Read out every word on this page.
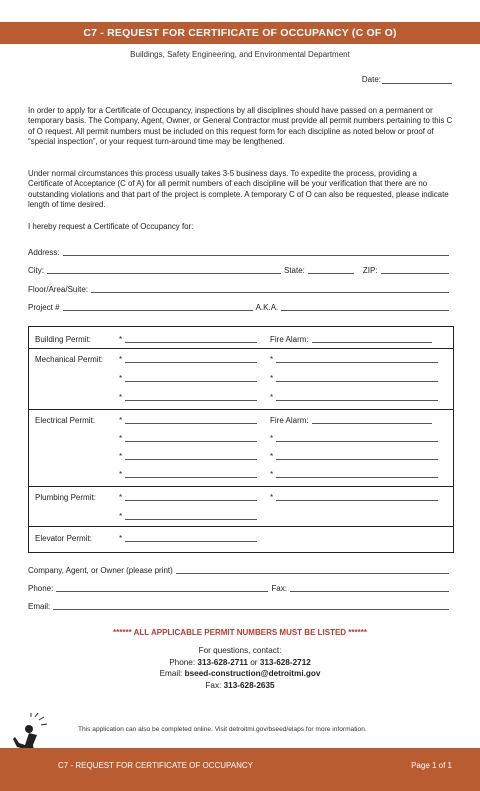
C7 - REQUEST FOR CERTIFICATE OF OCCUPANCY (C OF O)
Buildings, Safety Engineering, and Environmental Department
Date:
In order to apply for a Certificate of Occupancy, inspections by all disciplines should have passed on a permanent or temporary basis. The Company, Agent, Owner, or General Contractor must provide all permit numbers pertaining to this C of O request. All permit numbers must be included on this request form for each discipline as noted below or proof of “special inspection”, or your request turn-around time may be lengthened.
Under normal circumstances this process usually takes 3-5 business days. To expedite the process, providing a Certificate of Acceptance (C of A) for all permit numbers of each discipline will be your verification that there are no outstanding violations and that part of the project is complete. A temporary C of O can also be requested, please indicate length of time desired.
I hereby request a Certificate of Occupancy for:
Address:
City:	State:	ZIP:
Floor/Area/Suite:
Project #	A.K.A.
Building Permit:	*	Fire Alarm:
Mechanical Permit: *	*
*	*
*	*
Electrical Permit:	*	Fire Alarm:
*	*
*	*
*	*
Plumbing Permit:	*	*
*
Elevator Permit:	*
Company, Agent, or Owner (please print)
Phone:	Fax:
Email:
****** ALL APPLICABLE PERMIT NUMBERS MUST BE LISTED ******
For questions, contact:
Phone: 313-628-2711 or 313-628-2712
Email: bseed-construction@detroitmi.gov
Fax: 313-628-2635
This application can also be completed online. Visit detroitmi.gov/bseed/elaps for more information.
C7 - REQUEST FOR CERTIFICATE OF OCCUPANCY	Page 1 of 1
